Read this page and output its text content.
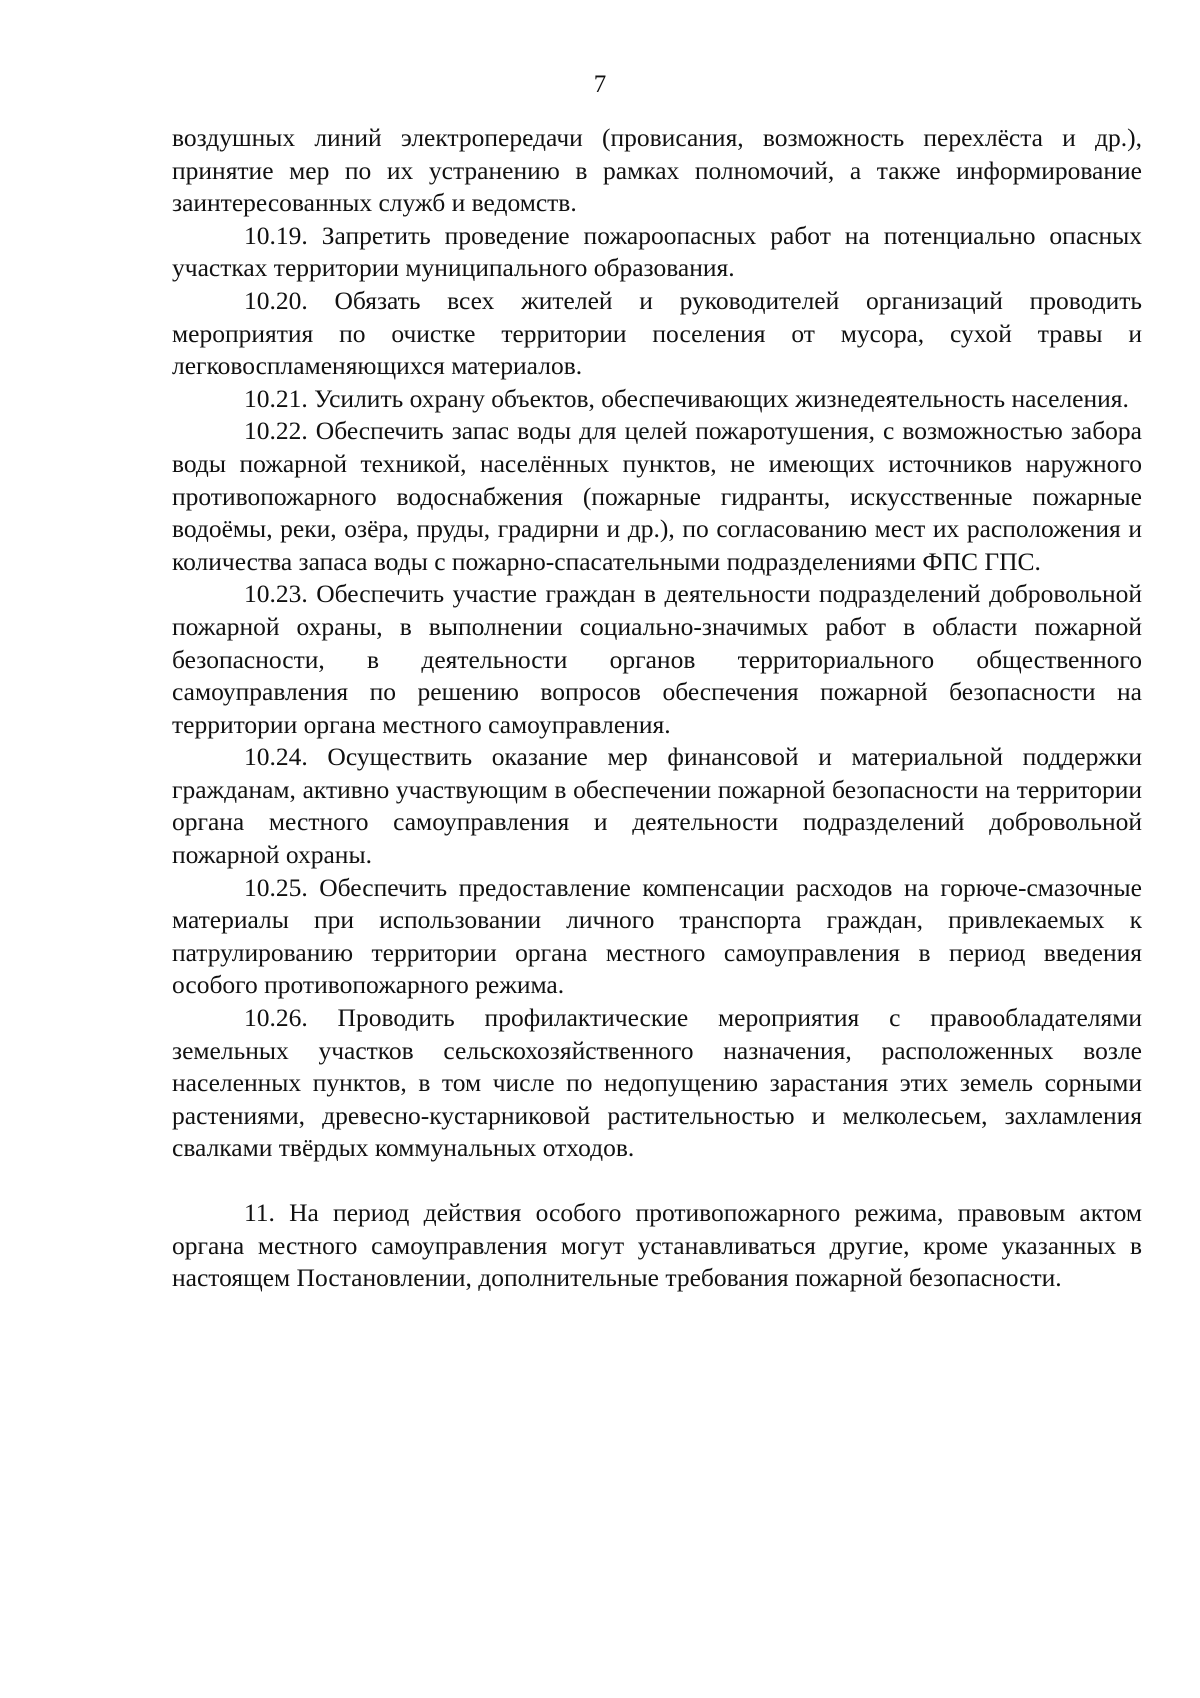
7

воздушных линий электропередачи (провисания, возможность перехлёста и др.), принятие мер по их устранению в рамках полномочий, а также информирование заинтересованных служб и ведомств.

10.19. Запретить проведение пожароопасных работ на потенциально опасных участках территории муниципального образования.

10.20. Обязать всех жителей и руководителей организаций проводить мероприятия по очистке территории поселения от мусора, сухой травы и легковоспламеняющихся материалов.

10.21. Усилить охрану объектов, обеспечивающих жизнедеятельность населения.

10.22. Обеспечить запас воды для целей пожаротушения, с возможностью забора воды пожарной техникой, населённых пунктов, не имеющих источников наружного противопожарного водоснабжения (пожарные гидранты, искусственные пожарные водоёмы, реки, озёра, пруды, градирни и др.), по согласованию мест их расположения и количества запаса воды с пожарно-спасательными подразделениями ФПС ГПС.

10.23. Обеспечить участие граждан в деятельности подразделений добровольной пожарной охраны, в выполнении социально-значимых работ в области пожарной безопасности, в деятельности органов территориального общественного самоуправления по решению вопросов обеспечения пожарной безопасности на территории органа местного самоуправления.

10.24. Осуществить оказание мер финансовой и материальной поддержки гражданам, активно участвующим в обеспечении пожарной безопасности на территории органа местного самоуправления и деятельности подразделений добровольной пожарной охраны.

10.25. Обеспечить предоставление компенсации расходов на горюче-смазочные материалы при использовании личного транспорта граждан, привлекаемых к патрулированию территории органа местного самоуправления в период введения особого противопожарного режима.

10.26. Проводить профилактические мероприятия с правообладателями земельных участков сельскохозяйственного назначения, расположенных возле населенных пунктов, в том числе по недопущению зарастания этих земель сорными растениями, древесно-кустарниковой растительностью и мелколесьем, захламления свалками твёрдых коммунальных отходов.

11. На период действия особого противопожарного режима, правовым актом органа местного самоуправления могут устанавливаться другие, кроме указанных в настоящем Постановлении, дополнительные требования пожарной безопасности.
